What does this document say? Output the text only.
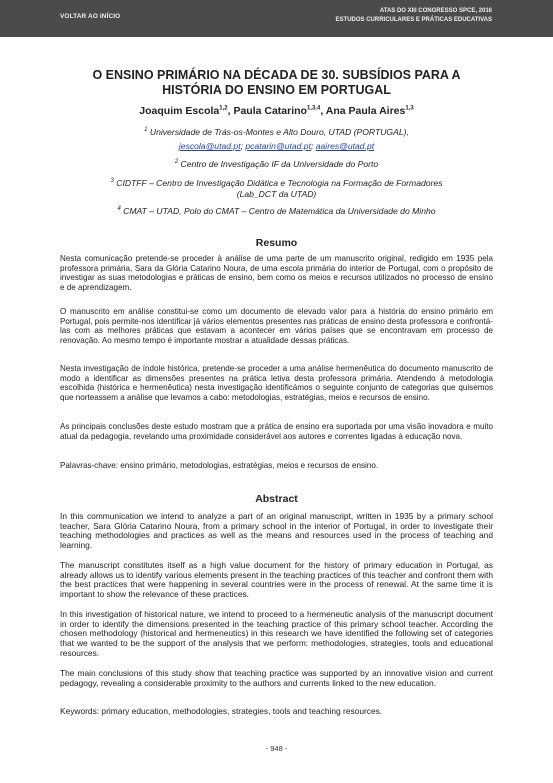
VOLTAR AO INÍCIO
ATAS DO XIII CONGRESSO SPCE, 2016
ESTUDOS CURRICULARES E PRÁTICAS EDUCATIVAS
O ENSINO PRIMÁRIO NA DÉCADA DE 30. SUBSÍDIOS PARA A
HISTÓRIA DO ENSINO EM PORTUGAL
Joaquim Escola$^{1,2}$, Paula Catarino$^{1,3,4}$, Ana Paula Aires$^{1,3}$
$^1$ Universidade de Trás-os-Montes e Alto Douro, UTAD (PORTUGAL),
jescola@utad.pt; pcatarin@utad.pt; aaires@utad.pt
$^2$ Centro de Investigação IF da Universidade do Porto
$^3$ CIDTFF – Centro de Investigação Didática e Tecnologia na Formação de Formadores
(Lab_DCT da UTAD)
$^4$ CMAT – UTAD, Polo do CMAT – Centro de Matemática da Universidade do Minho
Resumo
Nesta comunicação pretende-se proceder à análise de uma parte de um manuscrito original, redigido em 1935 pela professora primária, Sara da Glória Catarino Noura, de uma escola primária do interior de Portugal, com o propósito de investigar as suas metodologias e práticas de ensino, bem como os meios e recursos utilizados no processo de ensino e de aprendizagem.
O manuscrito em análise constitui-se como um documento de elevado valor para a história do ensino primário em Portugal, pois permite-nos identificar já vários elementos presentes nas práticas de ensino desta professora e confrontá-las com as melhores práticas que estavam a acontecer em vários países que se encontravam em processo de renovação. Ao mesmo tempo é importante mostrar a atualidade dessas práticas.
Nesta investigação de índole histórica, pretende-se proceder a uma análise hermenêutica do documento manuscrito de modo a identificar as dimensões presentes na prática letiva desta professora primária. Atendendo à metodologia escolhida (histórica e hermenêutica) nesta investigação identificámos o seguinte conjunto de categorias que quisemos que norteassem a análise que levamos a cabo: metodologias, estratégias, meios e recursos de ensino.
As principais conclusões deste estudo mostram que a prática de ensino era suportada por uma visão inovadora e muito atual da pedagogia, revelando uma proximidade considerável aos autores e correntes ligadas à educação nova.
Palavras-chave: ensino primário, metodologias, estratégias, meios e recursos de ensino.
Abstract
In this communication we intend to analyze a part of an original manuscript, written in 1935 by a primary school teacher, Sara Glória Catarino Noura, from a primary school in the interior of Portugal, in order to investigate their teaching methodologies and practices as well as the means and resources used in the process of teaching and learning.
The manuscript constitutes itself as a high value document for the history of primary education in Portugal, as already allows us to identify various elements present in the teaching practices of this teacher and confront them with the best practices that were happening in several countries were in the process of renewal. At the same time it is important to show the relevance of these practices.
In this investigation of historical nature, we intend to proceed to a hermeneutic analysis of the manuscript document in order to identify the dimensions presented in the teaching practice of this primary school teacher. According the chosen methodology (historical and hermeneutics) in this research we have identified the following set of categories that we wanted to be the support of the analysis that we perform: methodologies, strategies, tools and educational resources.
The main conclusions of this study show that teaching practice was supported by an innovative vision and current pedagogy, revealing a considerable proximity to the authors and currents linked to the new education.
Keywords: primary education, methodologies, strategies, tools and teaching resources.
- 948 -
